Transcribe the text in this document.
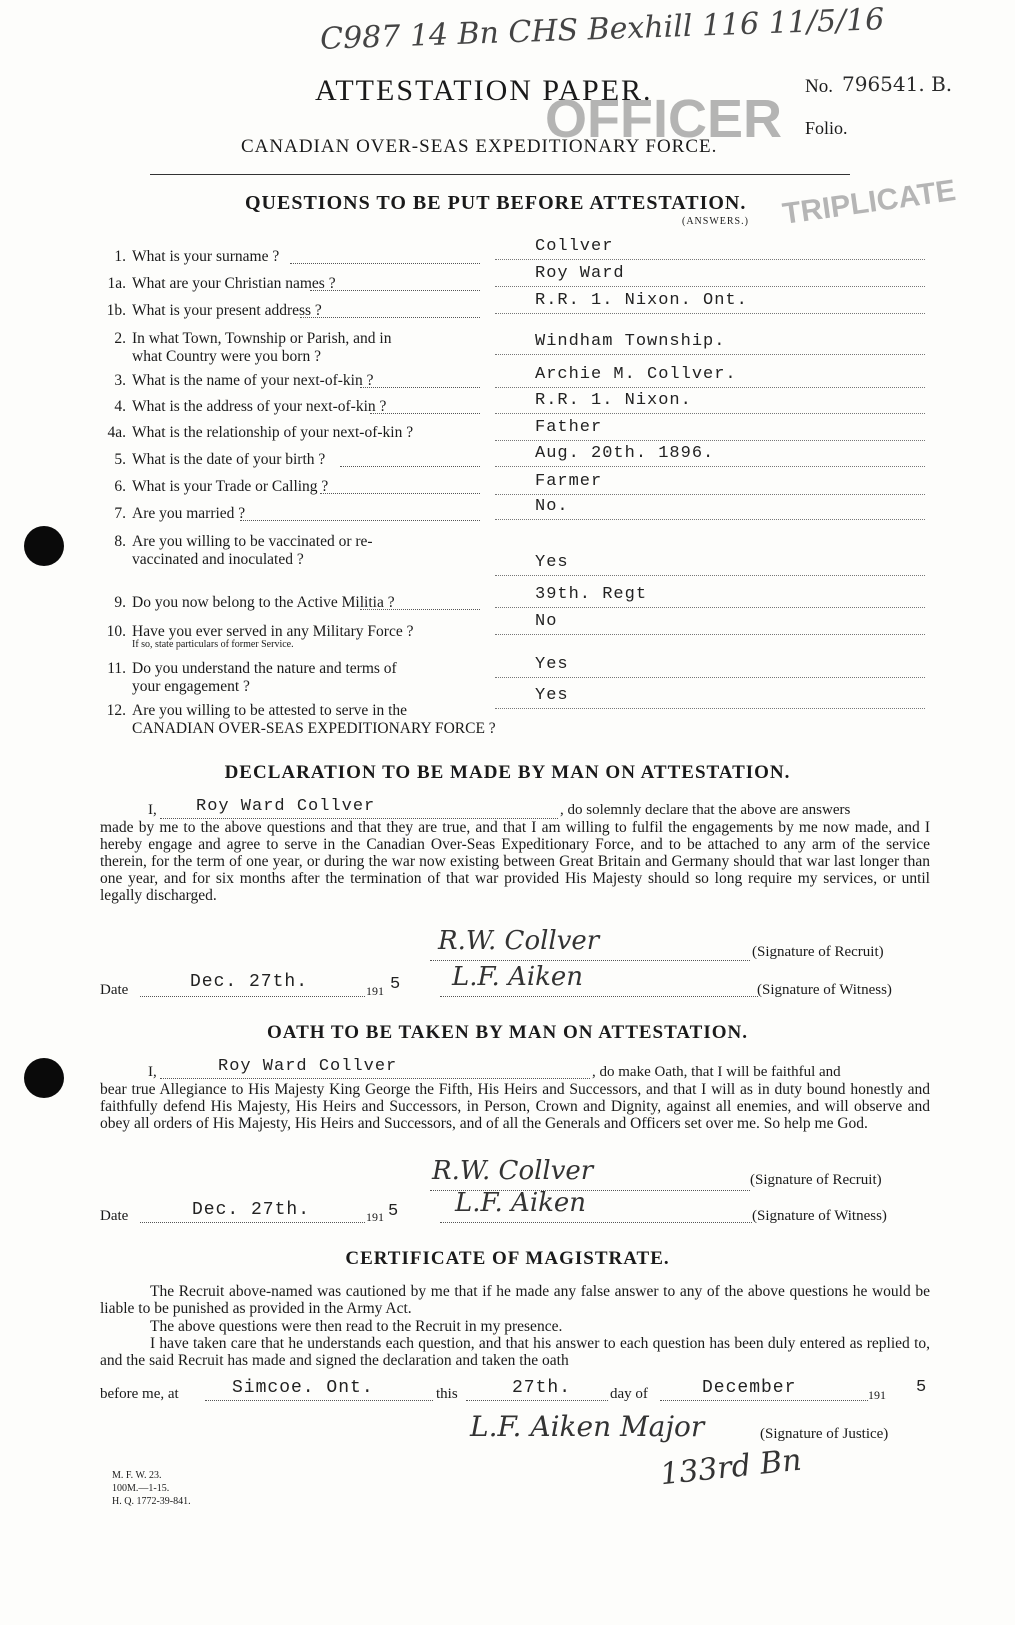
C987 14 Bn CHS Bexhill 116 11/5/16
ATTESTATION PAPER.
OFFICER
CANADIAN OVER-SEAS EXPEDITIONARY FORCE.
No. 796541. B.
Folio.
TRIPLICATE
QUESTIONS TO BE PUT BEFORE ATTESTATION.
(ANSWERS.)
1. What is your surname ?
Collver
1a. What are your Christian names ?
Roy Ward
1b. What is your present address ?
R.R. 1. Nixon. Ont.
2. In what Town, Township or Parish, and in
what Country were you born ?
Windham Township.
3. What is the name of your next-of-kin ?	Archie M. Collver.
4. What is the address of your next-of-kin ?	R.R. 1. Nixon.
4a. What is the relationship of your next-of-kin ?	Father
5. What is the date of your birth ?	Aug. 20th. 1896.
6. What is your Trade or Calling ?	Farmer
7. Are you married ?	No.
8. Are you willing to be vaccinated or re-
vaccinated and inoculated ?	Yes
9. Do you now belong to the Active Militia ?	39th. Regt
10. Have you ever served in any Military Force ?
If so, state particulars of former Service.
No
11. Do you understand the nature and terms of
your engagement ?
Yes
12. Are you willing to be attested to serve in the
CANADIAN OVER-SEAS EXPEDITIONARY FORCE ?
Yes
DECLARATION TO BE MADE BY MAN ON ATTESTATION.
I, Roy Ward Collver	, do solemnly declare that the above are answers
made by me to the above questions and that they are true, and that I am willing to fulfil the engagements by me now made, and I hereby engage and agree to serve in the Canadian Over-Seas Expeditionary Force, and to be attached to any arm of the service therein, for the term of one year, or during the war now existing between Great Britain and Germany should that war last longer than one year, and for six months after the termination of that war provided His Majesty should so long require my services, or until legally discharged.
R.W. Collver	(Signature of Recruit)
Date	Dec. 27th.	191 5 L.F. Aiken	(Signature of Witness)
OATH TO BE TAKEN BY MAN ON ATTESTATION.
I,	Roy Ward Collver	, do make Oath, that I will be faithful and
bear true Allegiance to His Majesty King George the Fifth, His Heirs and Successors, and that I will as in duty bound honestly and faithfully defend His Majesty, His Heirs and Successors, in Person, Crown and Dignity, against all enemies, and will observe and obey all orders of His Majesty, His Heirs and Successors, and of all the Generals and Officers set over me. So help me God.
R.W. Collver	(Signature of Recruit)
Date	Dec. 27th.	191 5 L.F. Aiken	(Signature of Witness)
CERTIFICATE OF MAGISTRATE.
The Recruit above-named was cautioned by me that if he made any false answer to any of the above questions he would be liable to be punished as provided in the Army Act.
The above questions were then read to the Recruit in my presence.
I have taken care that he understands each question, and that his answer to each question has been duly entered as replied to, and the said Recruit has made and signed the declaration and taken the oath
before me, at	Simcoe. Ont.	this	27th.	day of	December	191 5
L.F. Aiken Major	(Signature of Justice)
133rd Bn
M. F. W. 23.
100M.—1-15.
H. Q. 1772-39-841.
